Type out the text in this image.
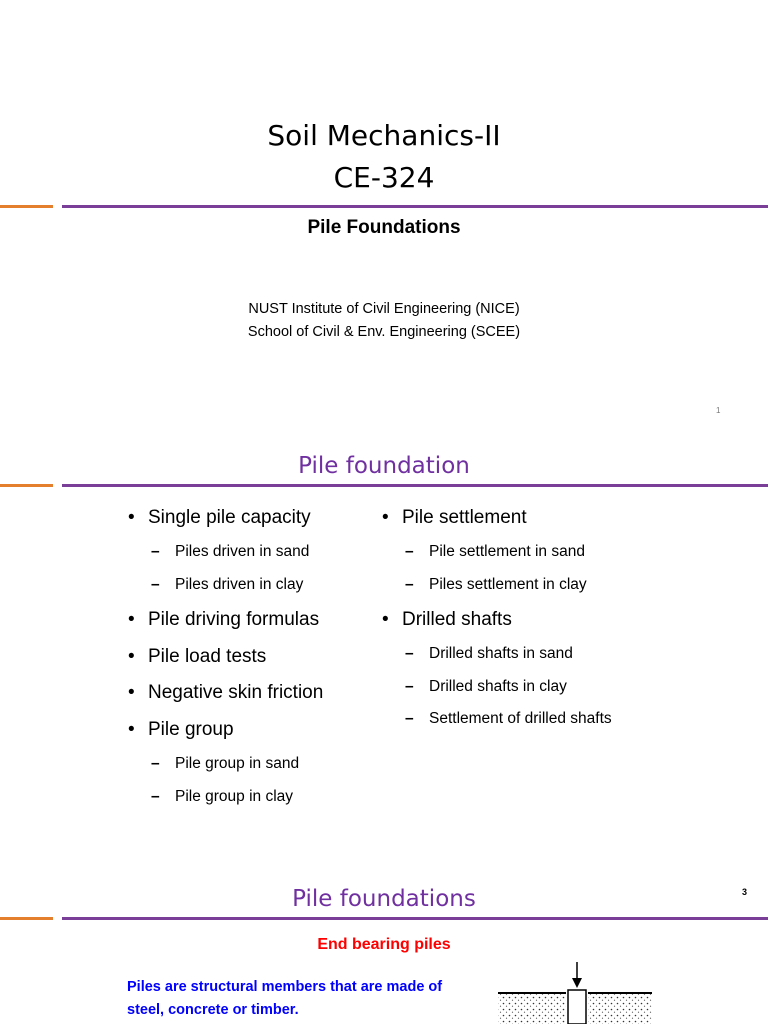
Soil Mechanics-II
CE-324
Pile Foundations
NUST Institute of Civil Engineering (NICE)
School of Civil & Env. Engineering (SCEE)
1
Pile foundation
• Single pile capacity
– Piles driven in sand
– Piles driven in clay
• Pile driving formulas
• Pile load tests
• Negative skin friction
• Pile group
– Pile group in sand
– Pile group in clay
• Pile settlement
– Pile settlement in sand
– Piles settlement in clay
• Drilled shafts
– Drilled shafts in sand
– Drilled shafts in clay
– Settlement of drilled shafts
3
Pile foundations
End bearing piles
Piles are structural members that are made of
steel, concrete or timber.
